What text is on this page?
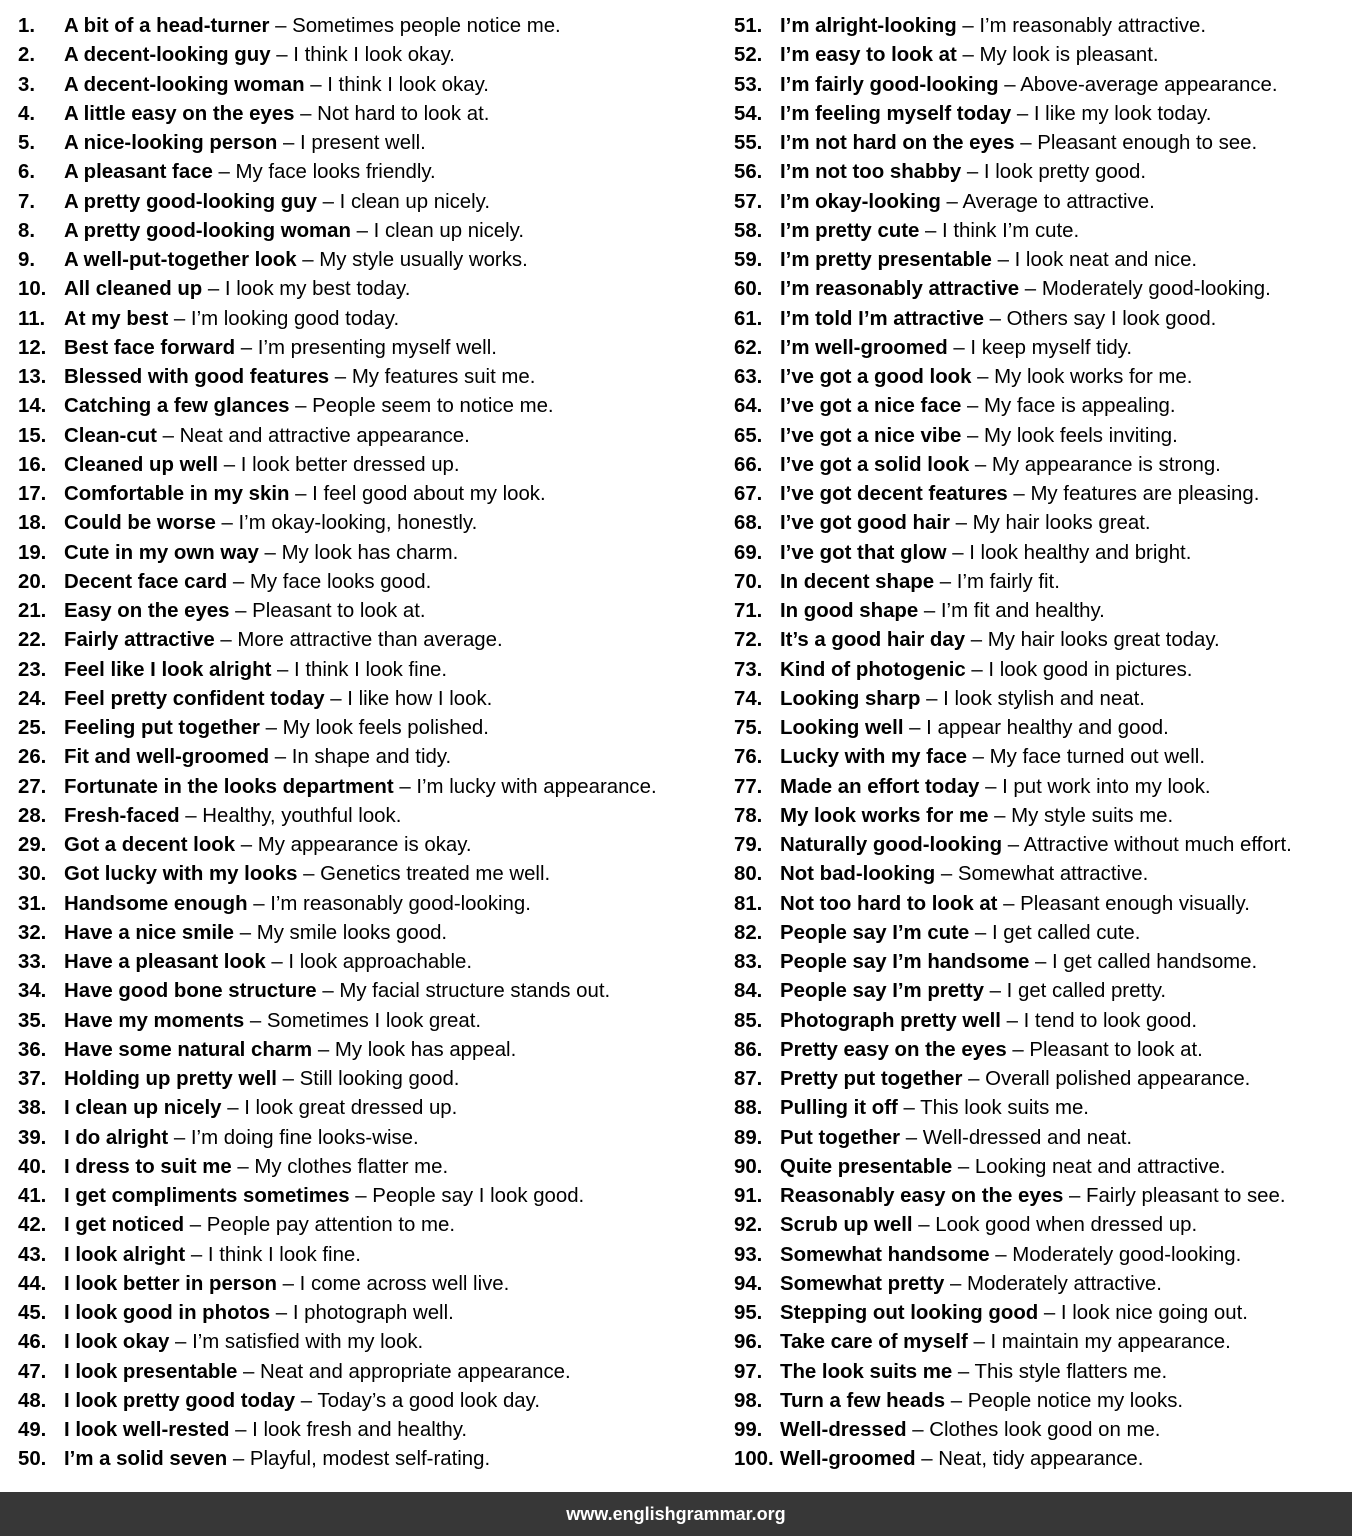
1. A bit of a head-turner – Sometimes people notice me.
2. A decent-looking guy – I think I look okay.
3. A decent-looking woman – I think I look okay.
4. A little easy on the eyes – Not hard to look at.
5. A nice-looking person – I present well.
6. A pleasant face – My face looks friendly.
7. A pretty good-looking guy – I clean up nicely.
8. A pretty good-looking woman – I clean up nicely.
9. A well-put-together look – My style usually works.
10. All cleaned up – I look my best today.
11. At my best – I’m looking good today.
12. Best face forward – I’m presenting myself well.
13. Blessed with good features – My features suit me.
14. Catching a few glances – People seem to notice me.
15. Clean-cut – Neat and attractive appearance.
16. Cleaned up well – I look better dressed up.
17. Comfortable in my skin – I feel good about my look.
18. Could be worse – I’m okay-looking, honestly.
19. Cute in my own way – My look has charm.
20. Decent face card – My face looks good.
21. Easy on the eyes – Pleasant to look at.
22. Fairly attractive – More attractive than average.
23. Feel like I look alright – I think I look fine.
24. Feel pretty confident today – I like how I look.
25. Feeling put together – My look feels polished.
26. Fit and well-groomed – In shape and tidy.
27. Fortunate in the looks department – I’m lucky with appearance.
28. Fresh-faced – Healthy, youthful look.
29. Got a decent look – My appearance is okay.
30. Got lucky with my looks – Genetics treated me well.
31. Handsome enough – I’m reasonably good-looking.
32. Have a nice smile – My smile looks good.
33. Have a pleasant look – I look approachable.
34. Have good bone structure – My facial structure stands out.
35. Have my moments – Sometimes I look great.
36. Have some natural charm – My look has appeal.
37. Holding up pretty well – Still looking good.
38. I clean up nicely – I look great dressed up.
39. I do alright – I’m doing fine looks-wise.
40. I dress to suit me – My clothes flatter me.
41. I get compliments sometimes – People say I look good.
42. I get noticed – People pay attention to me.
43. I look alright – I think I look fine.
44. I look better in person – I come across well live.
45. I look good in photos – I photograph well.
46. I look okay – I’m satisfied with my look.
47. I look presentable – Neat and appropriate appearance.
48. I look pretty good today – Today’s a good look day.
49. I look well-rested – I look fresh and healthy.
50. I’m a solid seven – Playful, modest self-rating.
51. I’m alright-looking – I’m reasonably attractive.
52. I’m easy to look at – My look is pleasant.
53. I’m fairly good-looking – Above-average appearance.
54. I’m feeling myself today – I like my look today.
55. I’m not hard on the eyes – Pleasant enough to see.
56. I’m not too shabby – I look pretty good.
57. I’m okay-looking – Average to attractive.
58. I’m pretty cute – I think I’m cute.
59. I’m pretty presentable – I look neat and nice.
60. I’m reasonably attractive – Moderately good-looking.
61. I’m told I’m attractive – Others say I look good.
62. I’m well-groomed – I keep myself tidy.
63. I’ve got a good look – My look works for me.
64. I’ve got a nice face – My face is appealing.
65. I’ve got a nice vibe – My look feels inviting.
66. I’ve got a solid look – My appearance is strong.
67. I’ve got decent features – My features are pleasing.
68. I’ve got good hair – My hair looks great.
69. I’ve got that glow – I look healthy and bright.
70. In decent shape – I’m fairly fit.
71. In good shape – I’m fit and healthy.
72. It’s a good hair day – My hair looks great today.
73. Kind of photogenic – I look good in pictures.
74. Looking sharp – I look stylish and neat.
75. Looking well – I appear healthy and good.
76. Lucky with my face – My face turned out well.
77. Made an effort today – I put work into my look.
78. My look works for me – My style suits me.
79. Naturally good-looking – Attractive without much effort.
80. Not bad-looking – Somewhat attractive.
81. Not too hard to look at – Pleasant enough visually.
82. People say I’m cute – I get called cute.
83. People say I’m handsome – I get called handsome.
84. People say I’m pretty – I get called pretty.
85. Photograph pretty well – I tend to look good.
86. Pretty easy on the eyes – Pleasant to look at.
87. Pretty put together – Overall polished appearance.
88. Pulling it off – This look suits me.
89. Put together – Well-dressed and neat.
90. Quite presentable – Looking neat and attractive.
91. Reasonably easy on the eyes – Fairly pleasant to see.
92. Scrub up well – Look good when dressed up.
93. Somewhat handsome – Moderately good-looking.
94. Somewhat pretty – Moderately attractive.
95. Stepping out looking good – I look nice going out.
96. Take care of myself – I maintain my appearance.
97. The look suits me – This style flatters me.
98. Turn a few heads – People notice my looks.
99. Well-dressed – Clothes look good on me.
100. Well-groomed – Neat, tidy appearance.
www.englishgrammar.org
